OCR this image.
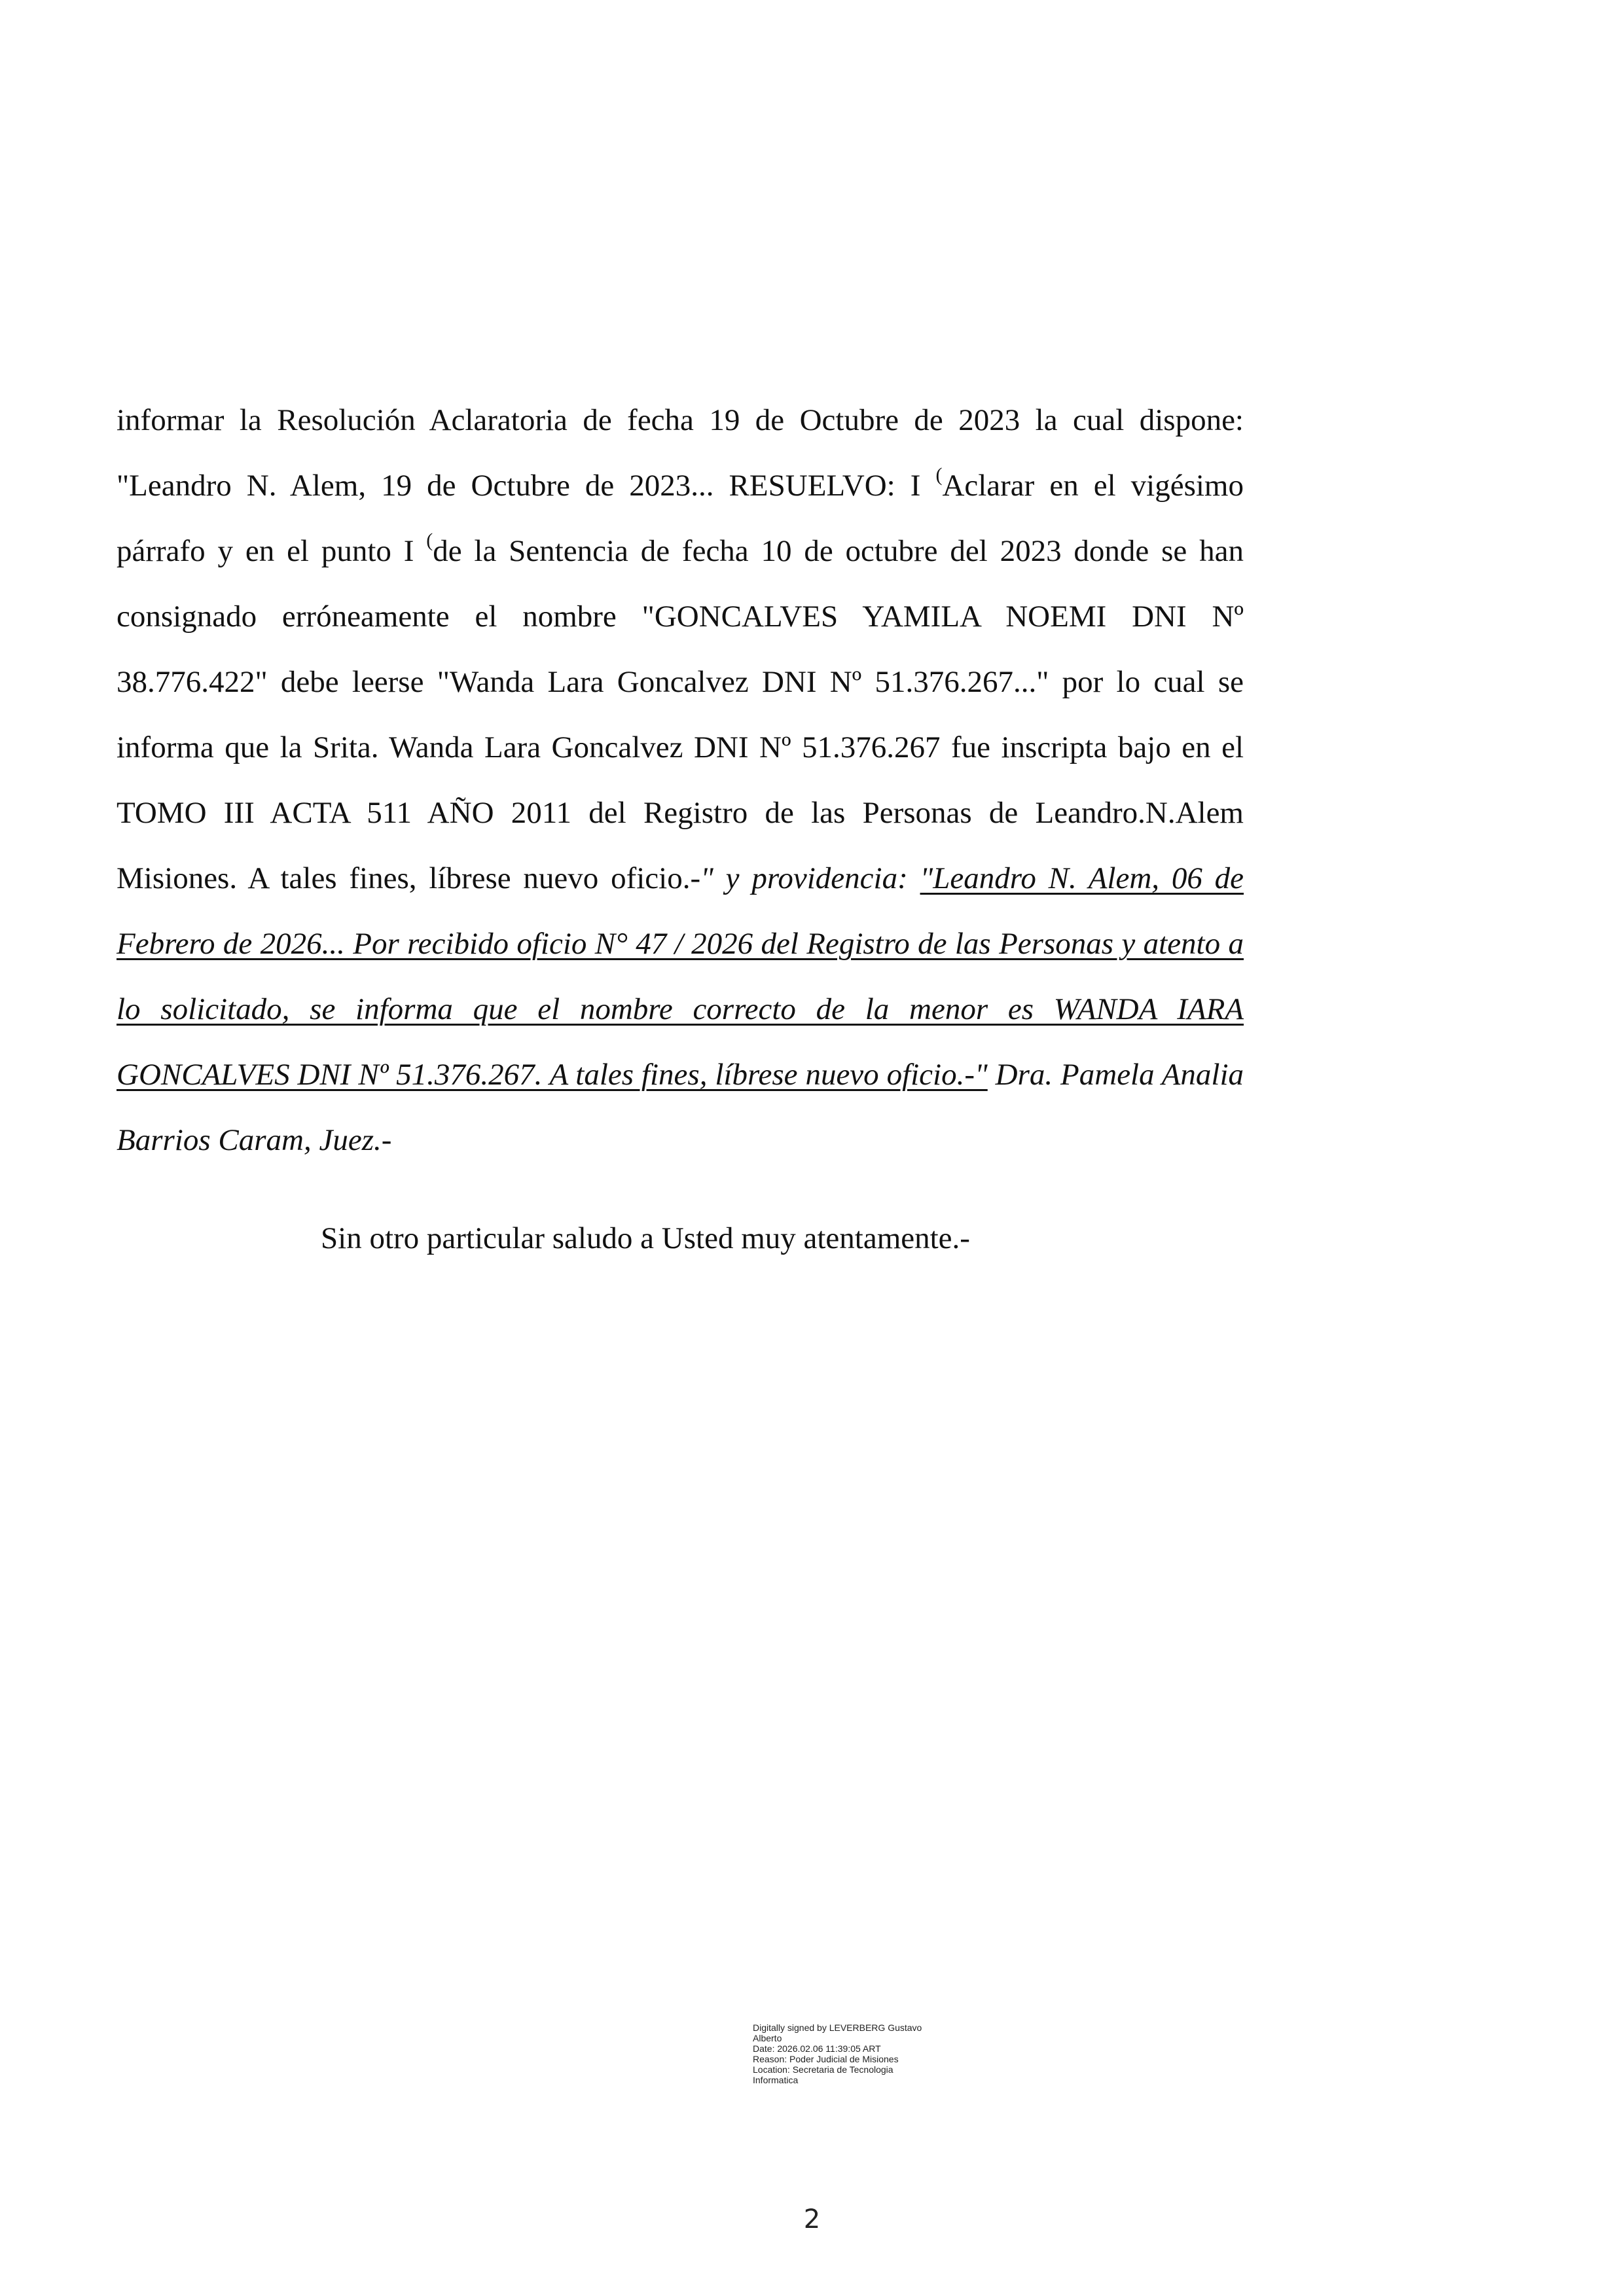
informar la Resolución Aclaratoria de fecha 19 de Octubre de 2023 la cual dispone: "Leandro N. Alem, 19 de Octubre de 2023... RESUELVO: I (Aclarar en el vigésimo párrafo y en el punto I (de la Sentencia de fecha 10 de octubre del 2023 donde se han consignado erróneamente el nombre "GONCALVES YAMILA NOEMI DNI Nº 38.776.422" debe leerse "Wanda Lara Goncalvez DNI Nº 51.376.267..." por lo cual se informa que la Srita. Wanda Lara Goncalvez DNI Nº 51.376.267 fue inscripta bajo en el TOMO III ACTA 511 AÑO 2011 del Registro de las Personas de Leandro.N.Alem Misiones. A tales fines, líbrese nuevo oficio.-" y providencia: "Leandro N. Alem, 06 de Febrero de 2026... Por recibido oficio N° 47 / 2026 del Registro de las Personas y atento a lo solicitado, se informa que el nombre correcto de la menor es WANDA IARA GONCALVES DNI Nº 51.376.267. A tales fines, líbrese nuevo oficio.-" Dra. Pamela Analia Barrios Caram, Juez.-

Sin otro particular saludo a Usted muy atentamente.-

Digitally signed by LEVERBERG Gustavo
Alberto
Date: 2026.02.06 11:39:05 ART
Reason: Poder Judicial de Misiones
Location: Secretaria de Tecnologia
Informatica
2
